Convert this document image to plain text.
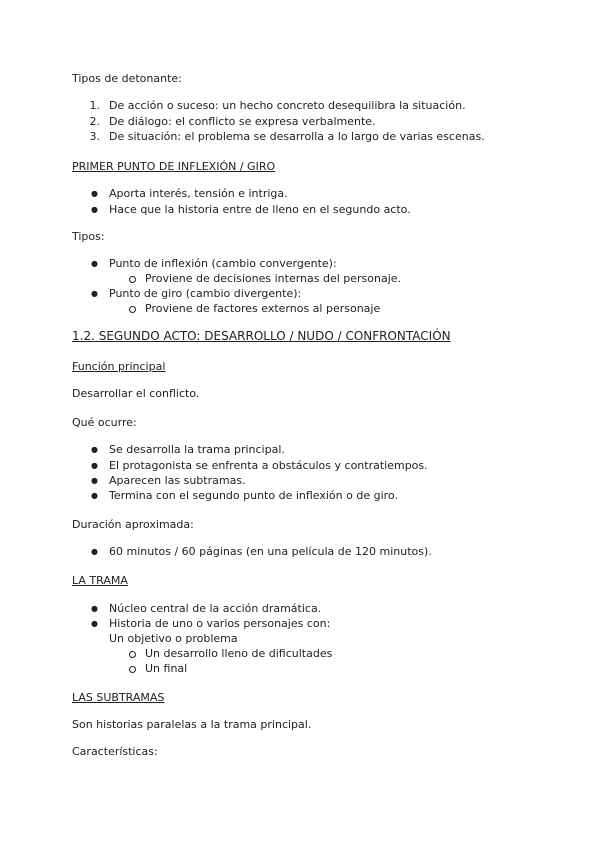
Tipos de detonante:
1. De acción o suceso: un hecho concreto desequilibra la situación.
2. De diálogo: el conflicto se expresa verbalmente.
3. De situación: el problema se desarrolla a lo largo de varias escenas.
PRIMER PUNTO DE INFLEXIÓN / GIRO
● Aporta interés, tensión e intriga.
● Hace que la historia entre de lleno en el segundo acto.
Tipos:
● Punto de inflexión (cambio convergente):
Proviene de decisiones internas del personaje.
● Punto de giro (cambio divergente):
Proviene de factores externos al personaje
1.2. SEGUNDO ACTO: DESARROLLO / NUDO / CONFRONTACIÓN
Función principal
Desarrollar el conflicto.
Qué ocurre:
● Se desarrolla la trama principal.
● El protagonista se enfrenta a obstáculos y contratiempos.
● Aparecen las subtramas.
● Termina con el segundo punto de inflexión o de giro.
Duración aproximada:
● 60 minutos / 60 páginas (en una película de 120 minutos).
LA TRAMA
● Núcleo central de la acción dramática.
● Historia de uno o varios personajes con:
Un objetivo o problema
Un desarrollo lleno de dificultades
Un final
LAS SUBTRAMAS
Son historias paralelas a la trama principal.
Características:
